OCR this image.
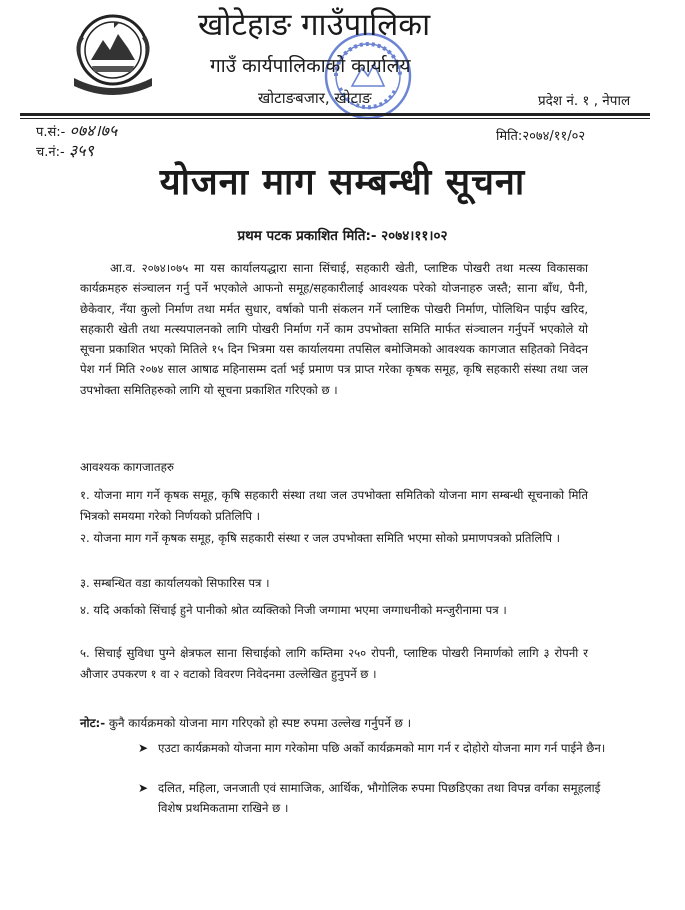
खोटेहाङ गाउँपालिका
गाउँ कार्यपालिकाको कार्यालय
खोटाङबजार, खोटाङ	प्रदेश नं. १ , नेपाल
प.सं:- ०७४।७५
च.नं:- ३५९
मिति:२०७४/११/०२
योजना माग सम्बन्धी सूचना
प्रथम पटक प्रकाशित मिति:- २०७४।११।०२

आ.व. २०७४।०७५ मा यस कार्यालयद्धारा साना सिंचाई, सहकारी खेती, प्लाष्टिक पोखरी तथा मत्स्य विकासका कार्यक्रमहरु संञ्चालन गर्नु पर्ने भएकोले आफनो समूह/सहकारीलाई आवश्यक परेको योजनाहरु जस्तै; साना बाँध, पैनी, छेकेवार, नँया कुलो निर्माण तथा मर्मत सुधार, वर्षाको पानी संकलन गर्ने प्लाष्टिक पोखरी निर्माण, पोलिथिन पाईप खरिद, सहकारी खेती तथा मत्स्यपालनको लागि पोखरी निर्माण गर्ने काम उपभोक्ता समिति मार्फत संञ्चालन गर्नुपर्ने भएकोले यो सूचना प्रकाशित भएको मितिले १५ दिन भित्रमा यस कार्यालयमा तपसिल बमोजिमको आवश्यक कागजात सहितको निवेदन पेश गर्न मिति २०७४ साल आषाढ महिनासम्म दर्ता भई प्रमाण पत्र प्राप्त गरेका कृषक समूह, कृषि सहकारी संस्था तथा जल उपभोक्ता समितिहरुको लागि यो सूचना प्रकाशित गरिएको छ ।

आवश्यक कागजातहरु

१. योजना माग गर्ने कृषक समूह, कृषि सहकारी संस्था तथा जल उपभोक्ता समितिको योजना माग सम्बन्धी सूचनाको मिति भित्रको समयमा गरेको निर्णयको प्रतिलिपि ।

२. योजना माग गर्ने कृषक समूह, कृषि सहकारी संस्था र जल उपभोक्ता समिति भएमा सोको प्रमाणपत्रको प्रतिलिपि ।

३. सम्बन्धित वडा कार्यालयको सिफारिस पत्र ।

४. यदि अर्काको सिंचाई हुने पानीको श्रोत व्यक्तिको निजी जग्गामा भएमा जग्गाधनीको मन्जुरीनामा पत्र ।

५. सिचाई सुविधा पुग्ने क्षेत्रफल साना सिचाईको लागि कम्तिमा २५० रोपनी, प्लाष्टिक पोखरी निमार्णको लागि ३ रोपनी र औजार उपकरण १ वा २ वटाको विवरण निवेदनमा उल्लेखित हुनुपर्ने छ ।

नोट:- कुनै कार्यक्रमको योजना माग गरिएको हो स्पष्ट रुपमा उल्लेख गर्नुपर्ने छ ।

➤ एउटा कार्यक्रमको योजना माग गरेकोमा पछि अर्को कार्यक्रमको माग गर्न र दोहोरो योजना माग गर्न पाईने छैन।

➤ दलित, महिला, जनजाती एवं सामाजिक, आर्थिक, भौगोलिक रुपमा पिछडिएका तथा विपन्न वर्गका समूहलाई विशेष प्रथमिकतामा राखिने छ ।
